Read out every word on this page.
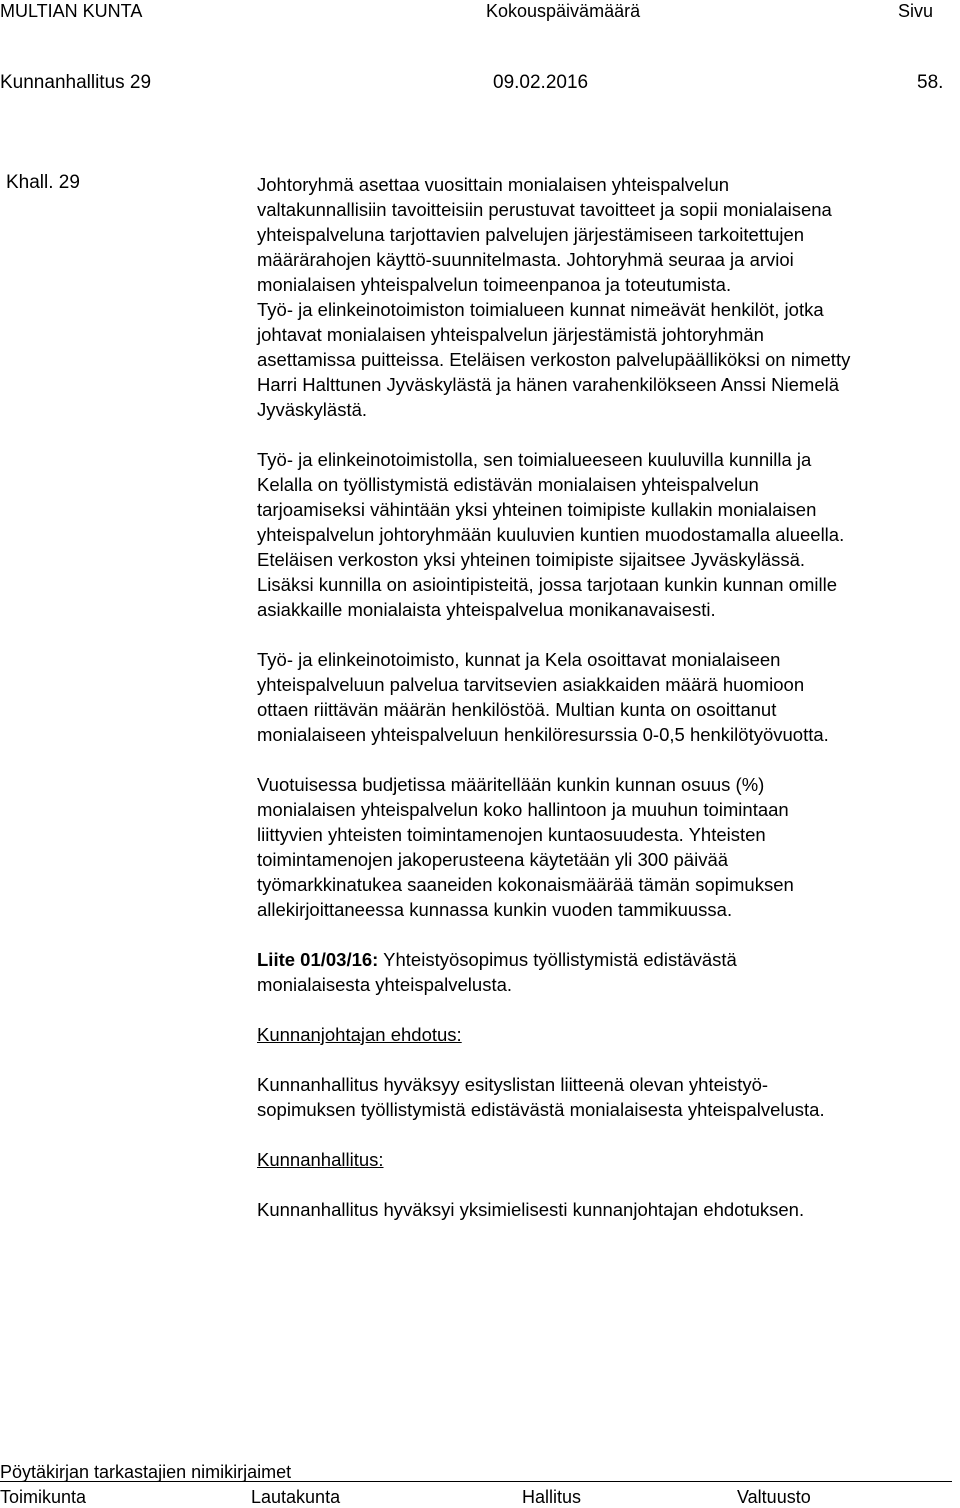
MULTIAN KUNTA	Kokouspäivämäärä	Sivu
Kunnanhallitus 29	09.02.2016	58.
Khall. 29	Johtoryhmä asettaa vuosittain monialaisen yhteispalvelun

valtakunnallisiin tavoitteisiin perustuvat tavoitteet ja sopii monialaisena

yhteispalveluna tarjottavien palvelujen järjestämiseen tarkoitettujen

määrärahojen käyttö-suunnitelmasta. Johtoryhmä seuraa ja arvioi

monialaisen yhteispalvelun toimeenpanoa ja toteutumista.

Työ- ja elinkeinotoimiston toimialueen kunnat nimeävät henkilöt, jotka

johtavat monialaisen yhteispalvelun järjestämistä johtoryhmän

asettamissa puitteissa. Eteläisen verkoston palvelupäälliköksi on nimetty

Harri Halttunen Jyväskylästä ja hänen varahenkilökseen Anssi Niemelä

Jyväskylästä.

Työ- ja elinkeinotoimistolla, sen toimialueeseen kuuluvilla kunnilla ja

Kelalla on työllistymistä edistävän monialaisen yhteispalvelun

tarjoamiseksi vähintään yksi yhteinen toimipiste kullakin monialaisen

yhteispalvelun johtoryhmään kuuluvien kuntien muodostamalla alueella.

Eteläisen verkoston yksi yhteinen toimipiste sijaitsee Jyväskylässä.

Lisäksi kunnilla on asiointipisteitä, jossa tarjotaan kunkin kunnan omille

asiakkaille monialaista yhteispalvelua monikanavaisesti.

Työ- ja elinkeinotoimisto, kunnat ja Kela osoittavat monialaiseen

yhteispalveluun palvelua tarvitsevien asiakkaiden määrä huomioon

ottaen riittävän määrän henkilöstöä. Multian kunta on osoittanut

monialaiseen yhteispalveluun henkilöresurssia 0-0,5 henkilötyövuotta.

Vuotuisessa budjetissa määritellään kunkin kunnan osuus (%)

monialaisen yhteispalvelun koko hallintoon ja muuhun toimintaan

liittyvien yhteisten toimintamenojen kuntaosuudesta. Yhteisten

toimintamenojen jakoperusteena käytetään yli 300 päivää

työmarkkinatukea saaneiden kokonaismäärää tämän sopimuksen

allekirjoittaneessa kunnassa kunkin vuoden tammikuussa.

Liite 01/03/16: Yhteistyösopimus työllistymistä edistävästä

monialaisesta yhteispalvelusta.

Kunnanjohtajan ehdotus:

Kunnanhallitus hyväksyy esityslistan liitteenä olevan yhteistyö-

sopimuksen työllistymistä edistävästä monialaisesta yhteispalvelusta.

Kunnanhallitus:

Kunnanhallitus hyväksyi yksimielisesti kunnanjohtajan ehdotuksen.

Pöytäkirjan tarkastajien nimikirjaimet
Toimikunta	Lautakunta	Hallitus	Valtuusto
